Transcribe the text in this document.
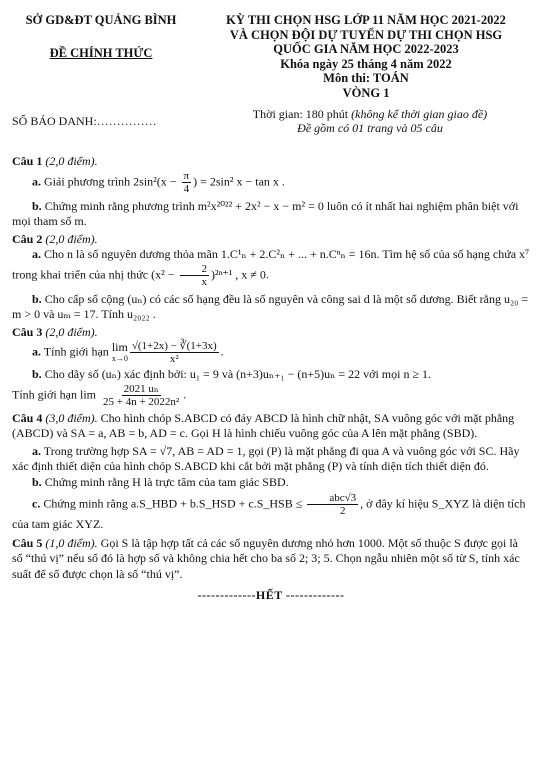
SỞ GD&ĐT QUẢNG BÌNH
ĐỀ CHÍNH THỨC
KỲ THI CHỌN HSG LỚP 11 NĂM HỌC 2021-2022
VÀ CHỌN ĐỘI DỰ TUYỂN DỰ THI CHỌN HSG
QUỐC GIA NĂM HỌC 2022-2023
Khóa ngày 25 tháng 4 năm 2022
Môn thi: TOÁN
VÒNG 1
SỐ BÁO DANH:……………	Thời gian: 180 phút (không kể thời gian giao đề)
Đề gồm có 01 trang và 05 câu
Câu 1 (2,0 điểm).
a. Giải phương trình $2\sin^2(x - \frac{\pi}{4}$ ) = 2sin² x − tan x .
b. Chứng minh rằng phương trình m²x²⁰²² + 2x² − x − m² = 0 luôn có ít nhất hai nghiệm phân biệt với mọi tham số m.
Câu 2 (2,0 điểm).
a. Cho n là số nguyên dương thỏa mãn 1.C¹ₙ + 2.C²ₙ + ... + n.Cⁿₙ = 16n. Tìm hệ số của số hạng chứa x⁷ trong khai triển của nhị thức $(x^2 - \frac{2}{x} )^{2n+1}$ , x ≠ 0.
b. Cho cấp số cộng (uₙ) có các số hạng đều là số nguyên và công sai d là một số dương. Biết rằng u₂₀ = m > 0 và uₘ = 17. Tính u₂₀₂₂ .
Câu 3 (2,0 điểm).
a. Tính giới hạn lim
$x\to 0 \frac{√(1+2x) - ∛(1+3x)}{\text{x²}}$ .
b. Cho dãy số (uₙ) xác định bởi: u₁ = 9 và (n+3)uₙ₊₁ − (n+5)uₙ = 22 với mọi n ≥ 1.
Tính giới hạn $\lim \frac{\text{2021 uₙ}}{\text{25 + 4n + 2022n²}}$ .
Câu 4 (3,0 điểm). Cho hình chóp S.ABCD có đáy ABCD là hình chữ nhật, SA vuông góc với mặt phẳng (ABCD) và SA = a, AB = b, AD = c. Gọi H là hình chiếu vuông góc của A lên mặt phẳng (SBD).
a. Trong trường hợp SA = √7, AB = AD = 1, gọi (P) là mặt phẳng đi qua A và vuông góc với SC. Hãy xác định thiết diện của hình chóp S.ABCD khi cắt bởi mặt phẳng (P) và tính diện tích thiết diện đó.
b. Chứng minh rằng H là trực tâm của tam giác SBD.
c. Chứng minh rằng a.S_HBD + b.S_HSD + c.S_HSB ≤ $\frac{\text{abc√3}}{2}$ , ở đây kí hiệu S_XYZ là diện tích của tam giác XYZ.
Câu 5 (1,0 điểm). Gọi S là tập hợp tất cả các số nguyên dương nhỏ hơn 1000. Một số thuộc S được gọi là số “thú vị” nếu số đó là hợp số và không chia hết cho ba số 2; 3; 5. Chọn ngẫu nhiên một số từ S, tính xác suất để số được chọn là số “thú vị”.
-------------HẾT -------------
